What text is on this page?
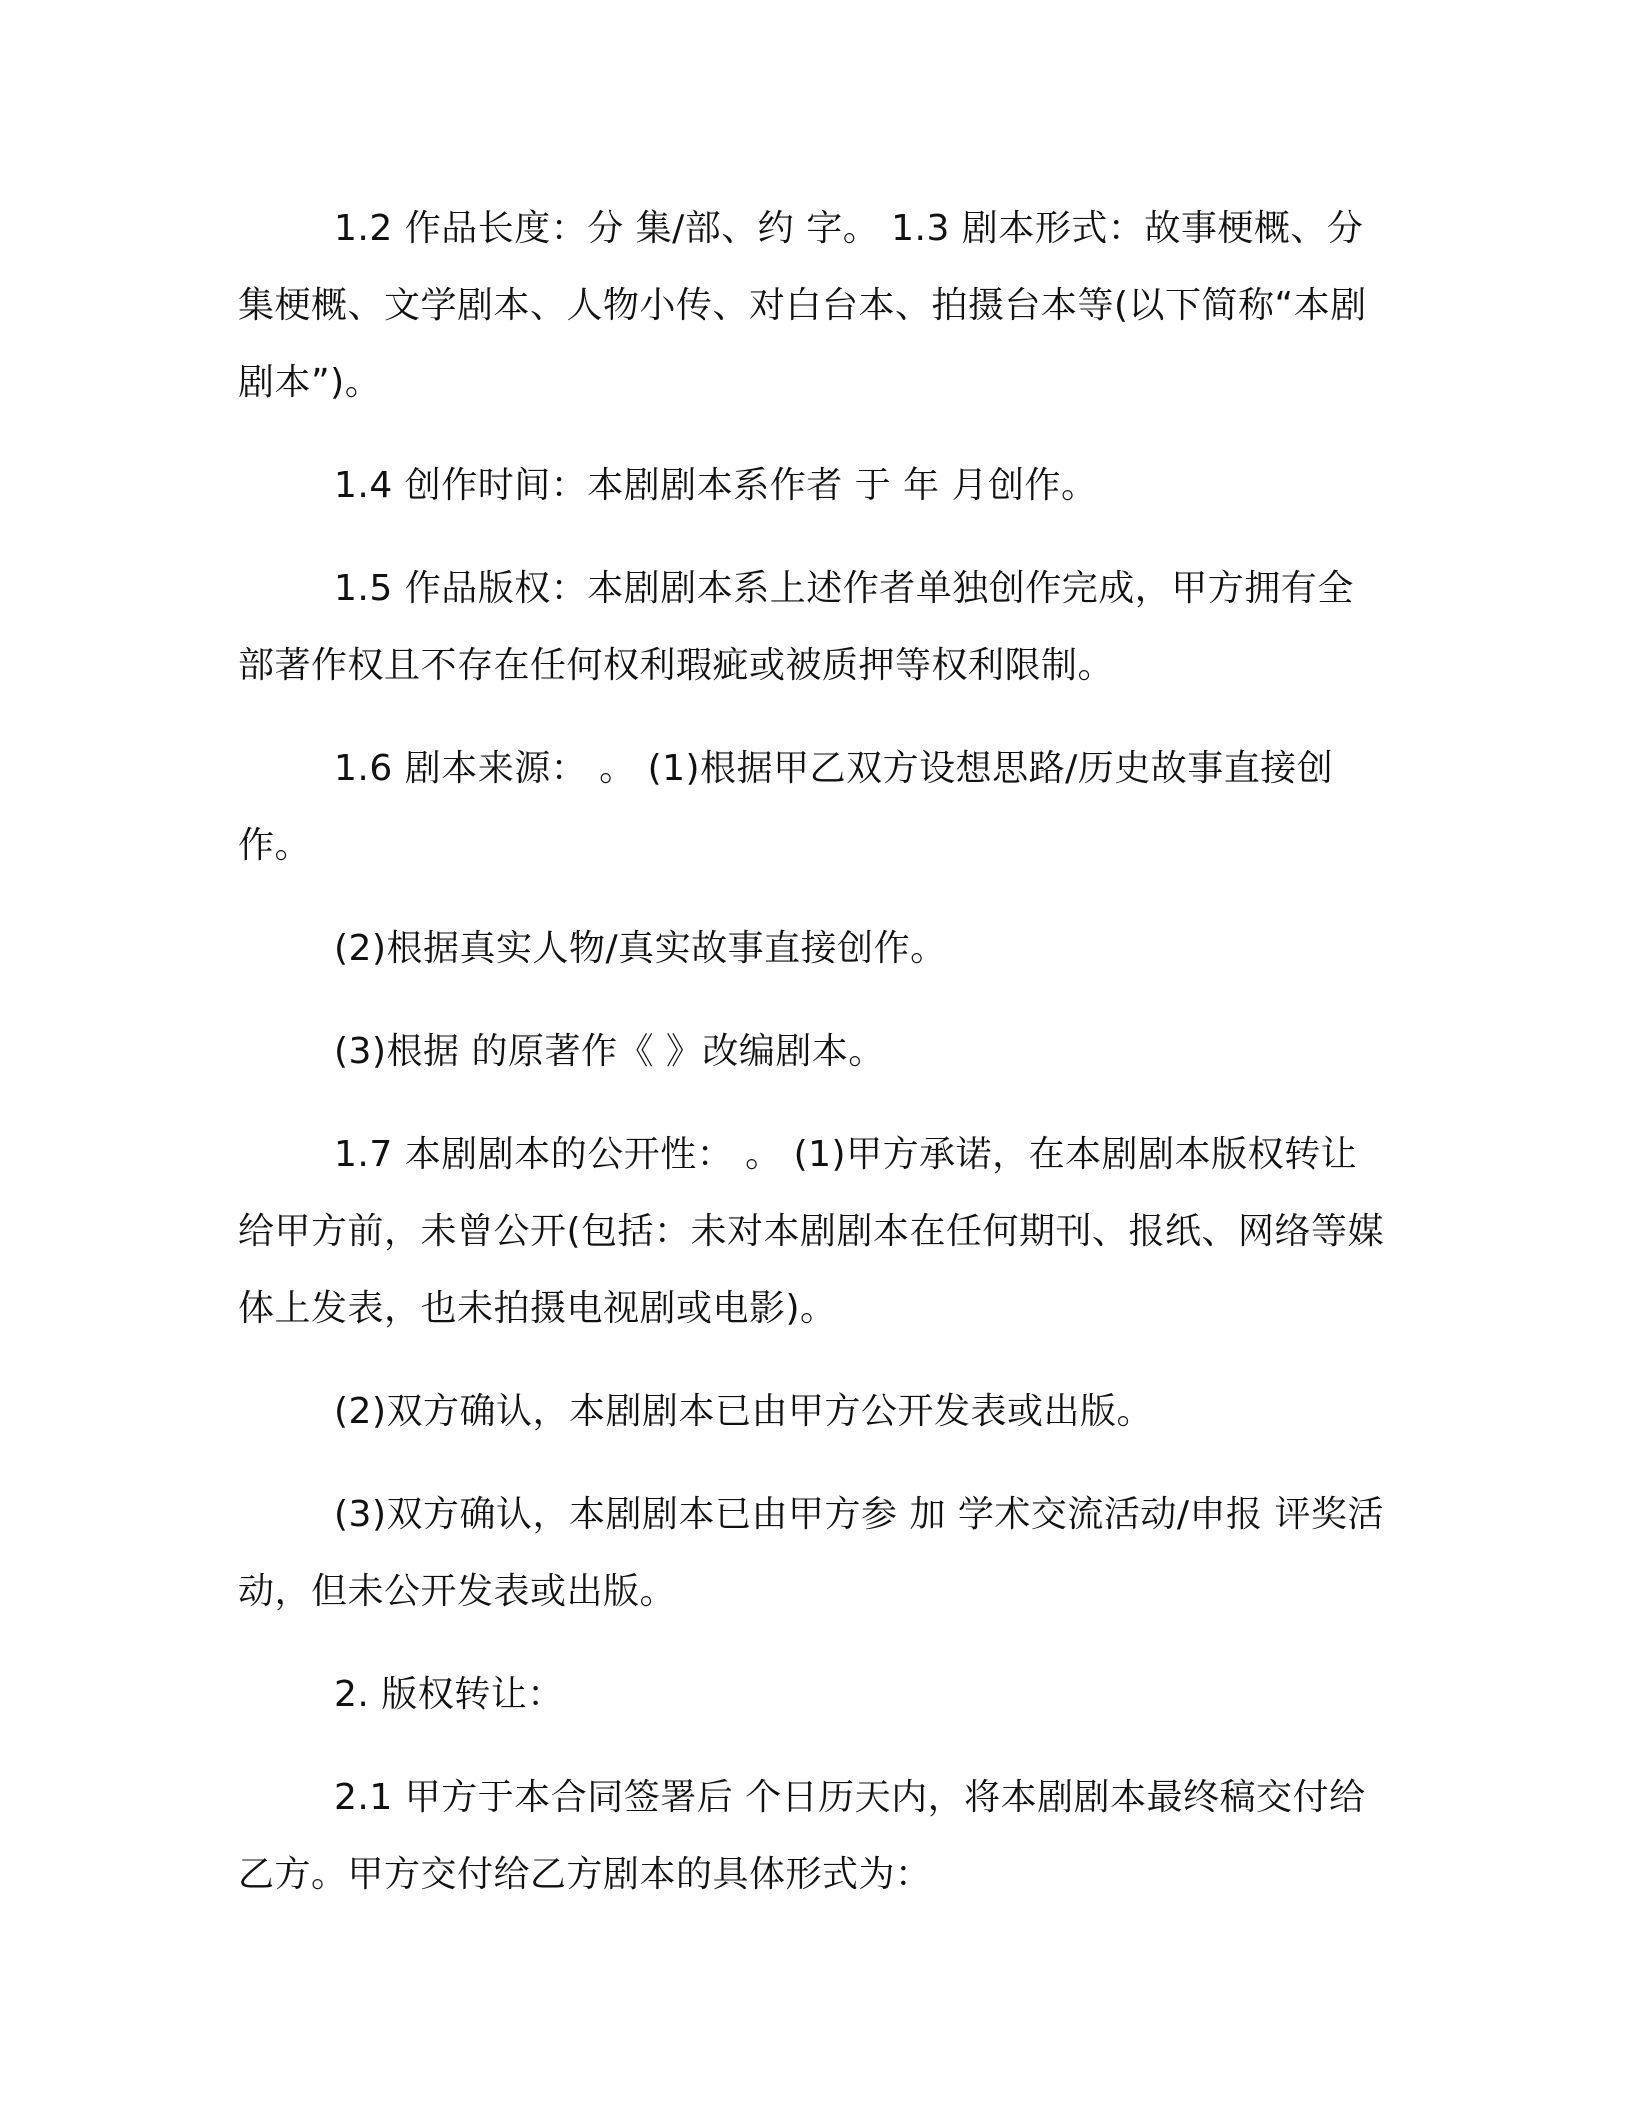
1.2 作品长度：分 集/部、约 字。 1.3 剧本形式：故事梗概、分集梗概、文学剧本、人物小传、对白台本、拍摄台本等(以下简称“本剧剧本”)。

1.4 创作时间：本剧剧本系作者 于 年 月创作。

1.5 作品版权：本剧剧本系上述作者单独创作完成，甲方拥有全部著作权且不存在任何权利瑕疵或被质押等权利限制。

1.6 剧本来源： 。 (1)根据甲乙双方设想思路/历史故事直接创作。

(2)根据真实人物/真实故事直接创作。

(3)根据 的原著作《 》改编剧本。

1.7 本剧剧本的公开性： 。 (1)甲方承诺，在本剧剧本版权转让给甲方前，未曾公开(包括：未对本剧剧本在任何期刊、报纸、网络等媒体上发表，也未拍摄电视剧或电影)。

(2)双方确认，本剧剧本已由甲方公开发表或出版。

(3)双方确认，本剧剧本已由甲方参 加 学术交流活动/申报 评奖活动，但未公开发表或出版。

2. 版权转让：

2.1 甲方于本合同签署后 个日历天内，将本剧剧本最终稿交付给乙方。甲方交付给乙方剧本的具体形式为：
